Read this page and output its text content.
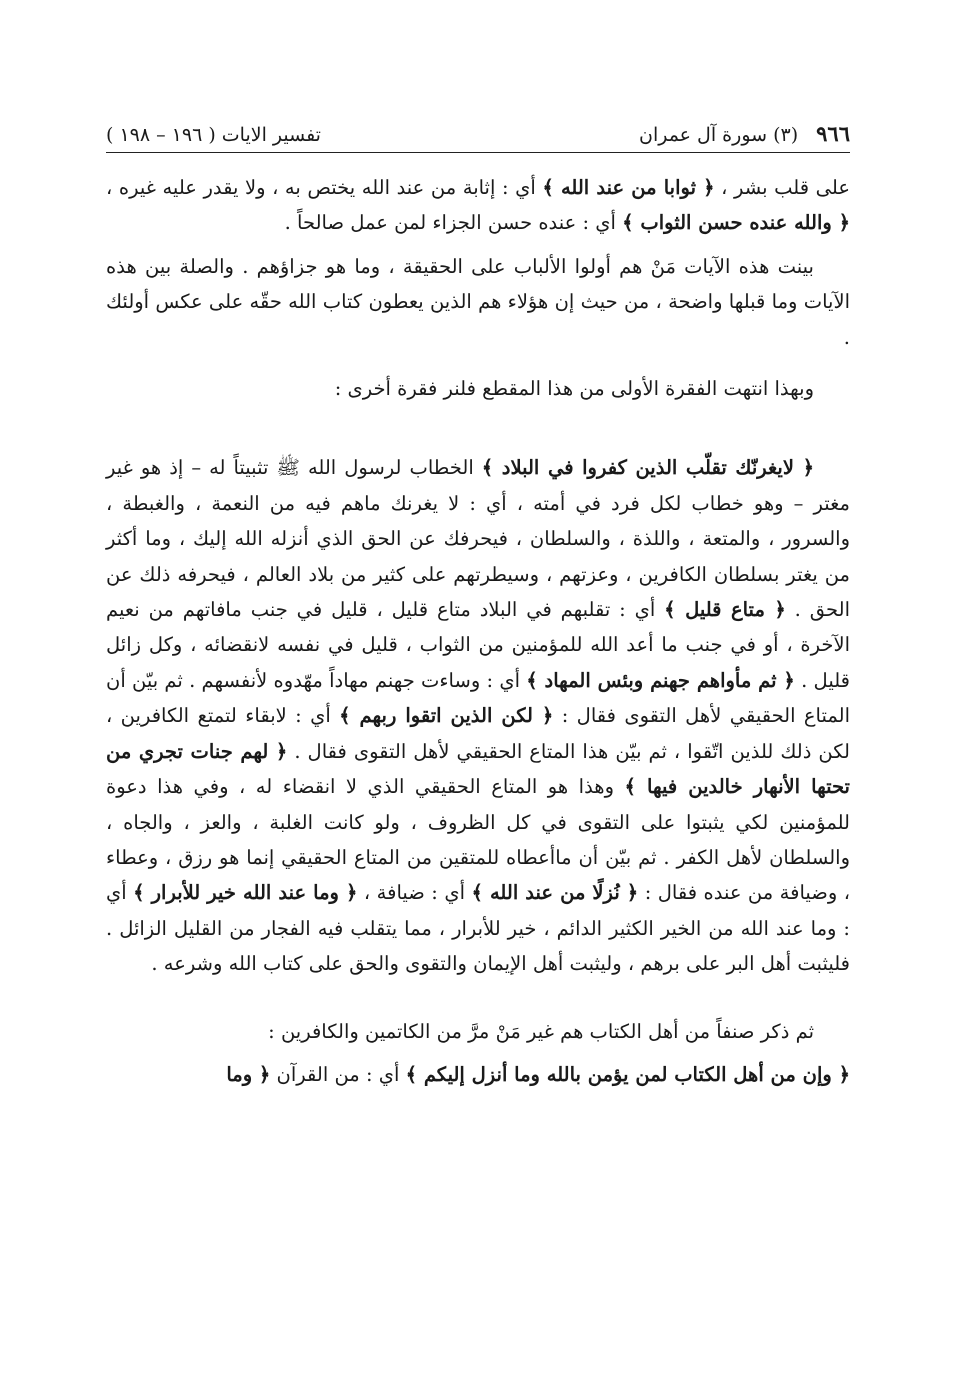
تفسير الايات ( ١٩٦ – ١٩٨ )	٩٦٦
(٣) سورة آل عمران

على قلب بشر ، ﴿ ثوابا من عند الله ﴾ أي : إثابة من عند الله يختص به ، ولا يقدر عليه غيره ، ﴿ والله عنده حسن الثواب ﴾ أي : عنده حسن الجزاء لمن عمل صالحاً .

بينت هذه الآيات مَنْ هم أولوا الألباب على الحقيقة ، وما هو جزاؤهم . والصلة بين هذه الآيات وما قبلها واضحة ، من حيث إن هؤلاء هم الذين يعطون كتاب الله حقّه على عكس أولئك .

وبهذا انتهت الفقرة الأولى من هذا المقطع فلنر فقرة أخرى :

﴿ لايغرنّك تقلّب الذين كفروا في البلاد ﴾ الخطاب لرسول الله ﷺ تثبيتاً له – إذ هو غير مغتر – وهو خطاب لكل فرد في أمته ، أي : لا يغرنك ماهم فيه من النعمة ، والغبطة ، والسرور ، والمتعة ، واللذة ، والسلطان ، فيحرفك عن الحق الذي أنزله الله إليك ، وما أكثر من يغتر بسلطان الكافرين ، وعزتهم ، وسيطرتهم على كثير من بلاد العالم ، فيحرفه ذلك عن الحق . ﴿ متاع قليل ﴾ أي : تقلبهم في البلاد متاع قليل ، قليل في جنب مافاتهم من نعيم الآخرة ، أو في جنب ما أعد الله للمؤمنين من الثواب ، قليل في نفسه لانقضائه ، وكل زائل قليل . ﴿ ثم مأواهم جهنم وبئس المهاد ﴾ أي : وساءت جهنم مهاداً مهّدوه لأنفسهم . ثم بيّن أن المتاع الحقيقي لأهل التقوى فقال : ﴿ لكن الذين اتقوا ربهم ﴾ أي : لابقاء لتمتع الكافرين ، لكن ذلك للذين اتّقوا ، ثم بيّن هذا المتاع الحقيقي لأهل التقوى فقال . ﴿ لهم جنات تجري من تحتها الأنهار خالدين فيها ﴾ وهذا هو المتاع الحقيقي الذي لا انقضاء له ، وفي هذا دعوة للمؤمنين لكي يثبتوا على التقوى في كل الظروف ، ولو كانت الغلبة ، والعز ، والجاه ، والسلطان لأهل الكفر . ثم بيّن أن ماأعطاه للمتقين من المتاع الحقيقي إنما هو رزق ، وعطاء ، وضيافة من عنده فقال : ﴿ نُزلًا من عند الله ﴾ أي : ضيافة ، ﴿ وما عند الله خير للأبرار ﴾ أي : وما عند الله من الخير الكثير الدائم ، خير للأبرار ، مما يتقلب فيه الفجار من القليل الزائل . فليثبت أهل البر على برهم ، وليثبت أهل الإيمان والتقوى والحق على كتاب الله وشرعه .

ثم ذكر صنفاً من أهل الكتاب هم غير مَنْ مرَّ من الكاتمين والكافرين :

﴿ وإن من أهل الكتاب لمن يؤمن بالله وما أنزل إليكم ﴾ أي : من القرآن ﴿ وما
